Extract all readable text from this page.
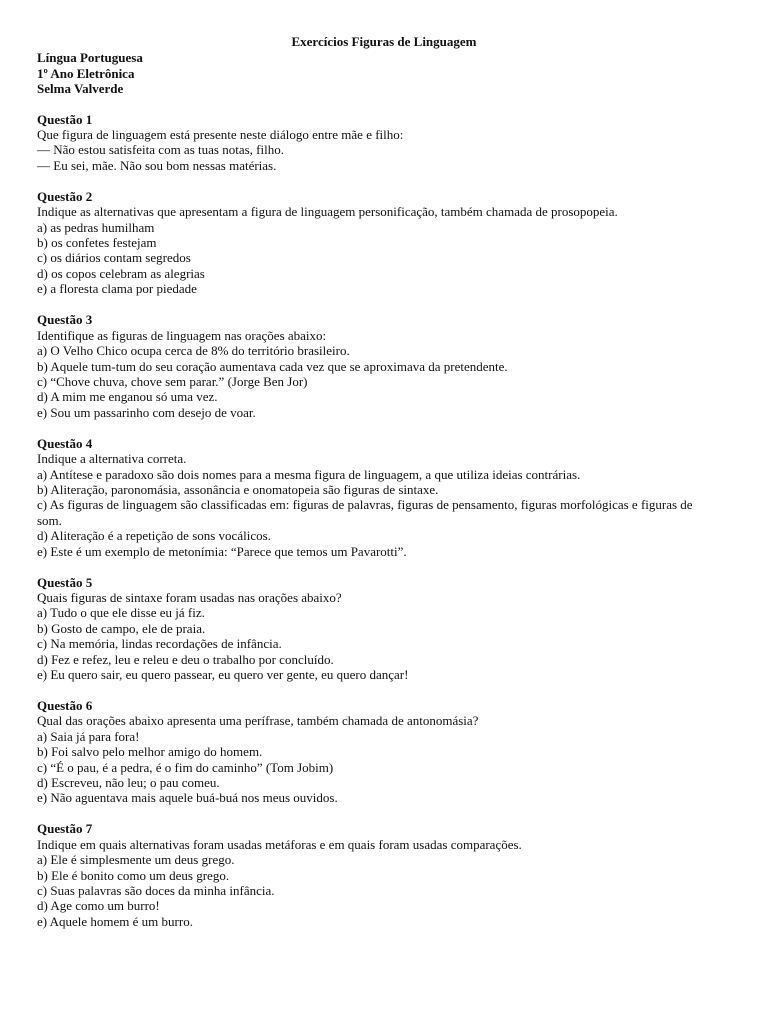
Exercícios Figuras de Linguagem
Língua Portuguesa
1º Ano Eletrônica
Selma Valverde
Questão 1
Que figura de linguagem está presente neste diálogo entre mãe e filho:
— Não estou satisfeita com as tuas notas, filho.
— Eu sei, mãe. Não sou bom nessas matérias.
Questão 2
Indique as alternativas que apresentam a figura de linguagem personificação, também chamada de prosopopeia.
a) as pedras humilham
b) os confetes festejam
c) os diários contam segredos
d) os copos celebram as alegrias
e) a floresta clama por piedade
Questão 3
Identifique as figuras de linguagem nas orações abaixo:
a) O Velho Chico ocupa cerca de 8% do território brasileiro.
b) Aquele tum-tum do seu coração aumentava cada vez que se aproximava da pretendente.
c) “Chove chuva, chove sem parar.” (Jorge Ben Jor)
d) A mim me enganou só uma vez.
e) Sou um passarinho com desejo de voar.
Questão 4
Indique a alternativa correta.
a) Antítese e paradoxo são dois nomes para a mesma figura de linguagem, a que utiliza ideias contrárias.
b) Aliteração, paronomásia, assonância e onomatopeia são figuras de sintaxe.
c) As figuras de linguagem são classificadas em: figuras de palavras, figuras de pensamento, figuras morfológicas e figuras de som.
d) Aliteração é a repetição de sons vocálicos.
e) Este é um exemplo de metonímia: “Parece que temos um Pavarotti”.
Questão 5
Quais figuras de sintaxe foram usadas nas orações abaixo?
a) Tudo o que ele disse eu já fiz.
b) Gosto de campo, ele de praia.
c) Na memória, lindas recordações de infância.
d) Fez e refez, leu e releu e deu o trabalho por concluído.
e) Eu quero sair, eu quero passear, eu quero ver gente, eu quero dançar!
Questão 6
Qual das orações abaixo apresenta uma perífrase, também chamada de antonomásia?
a) Saia já para fora!
b) Foi salvo pelo melhor amigo do homem.
c) “É o pau, é a pedra, é o fim do caminho” (Tom Jobim)
d) Escreveu, não leu; o pau comeu.
e) Não aguentava mais aquele buá-buá nos meus ouvidos.
Questão 7
Indique em quais alternativas foram usadas metáforas e em quais foram usadas comparações.
a) Ele é simplesmente um deus grego.
b) Ele é bonito como um deus grego.
c) Suas palavras são doces da minha infância.
d) Age como um burro!
e) Aquele homem é um burro.
